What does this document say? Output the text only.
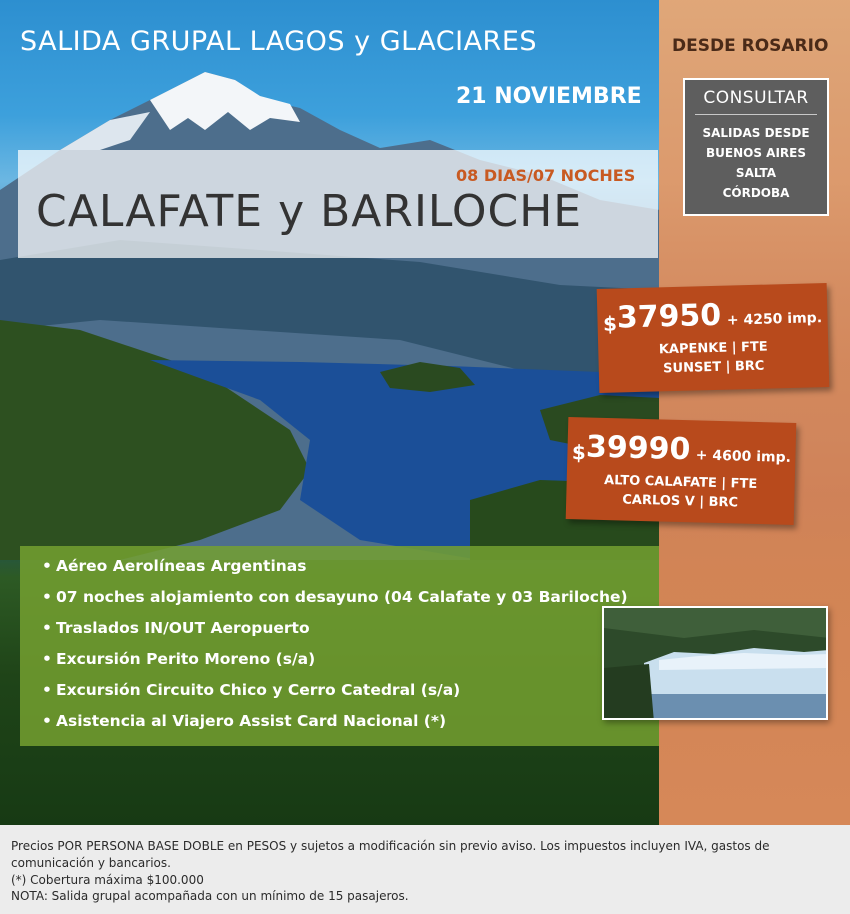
SALIDA GRUPAL LAGOS y GLACIARES
21 NOVIEMBRE
08 DIAS/07 NOCHES
CALAFATE y BARILOCHE
DESDE ROSARIO
CONSULTAR
SALIDAS DESDE
BUENOS AIRES
SALTA
CÓRDOBA
$37950 + 4250 imp.
KAPENKE | FTE
SUNSET | BRC
$39990 + 4600 imp.
ALTO CALAFATE | FTE
CARLOS V | BRC
• Aéreo Aerolíneas Argentinas
• 07 noches alojamiento con desayuno (04 Calafate y 03 Bariloche)
• Traslados IN/OUT Aeropuerto
• Excursión Perito Moreno (s/a)
• Excursión Circuito Chico y Cerro Catedral (s/a)
• Asistencia al Viajero Assist Card Nacional (*)

Precios POR PERSONA BASE DOBLE en PESOS y sujetos a modificación sin previo aviso. Los impuestos incluyen IVA, gastos de

comunicación y bancarios.

(*) Cobertura máxima $100.000

NOTA: Salida grupal acompañada con un mínimo de 15 pasajeros.
